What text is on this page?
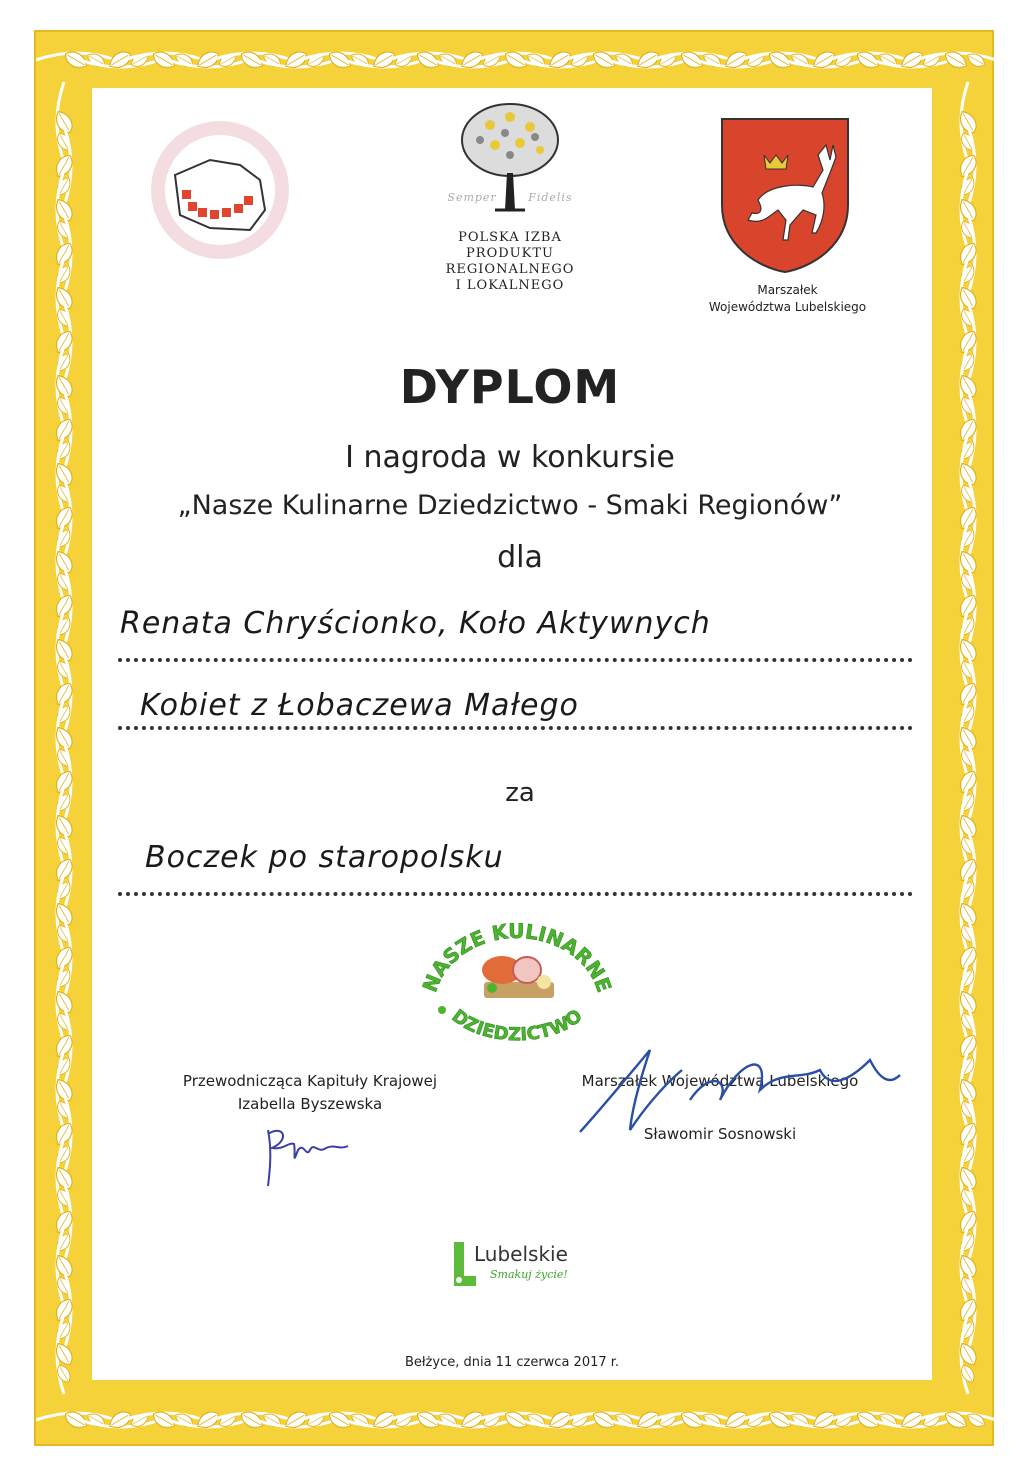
Semper	Fidelis
POLSKA IZBA
PRODUKTU
REGIONALNEGO
I LOKALNEGO	Marszałek
Województwa Lubelskiego
DYPLOM
I nagroda w konkursie
„Nasze Kulinarne Dziedzictwo - Smaki Regionów”
dla
Renata Chryścionko, Koło Aktywnych
Kobiet z Łobaczewa Małego
za
Boczek po staropolsku
NASZE KULINARNE
DZIEDZICTWO
Przewodnicząca Kapituły Krajowej
Izabella Byszewska
Marszałek Województwa Lubelskiego
Sławomir Sosnowski
Lubelskie
Smakuj życie!
Bełżyce, dnia 11 czerwca 2017 r.
